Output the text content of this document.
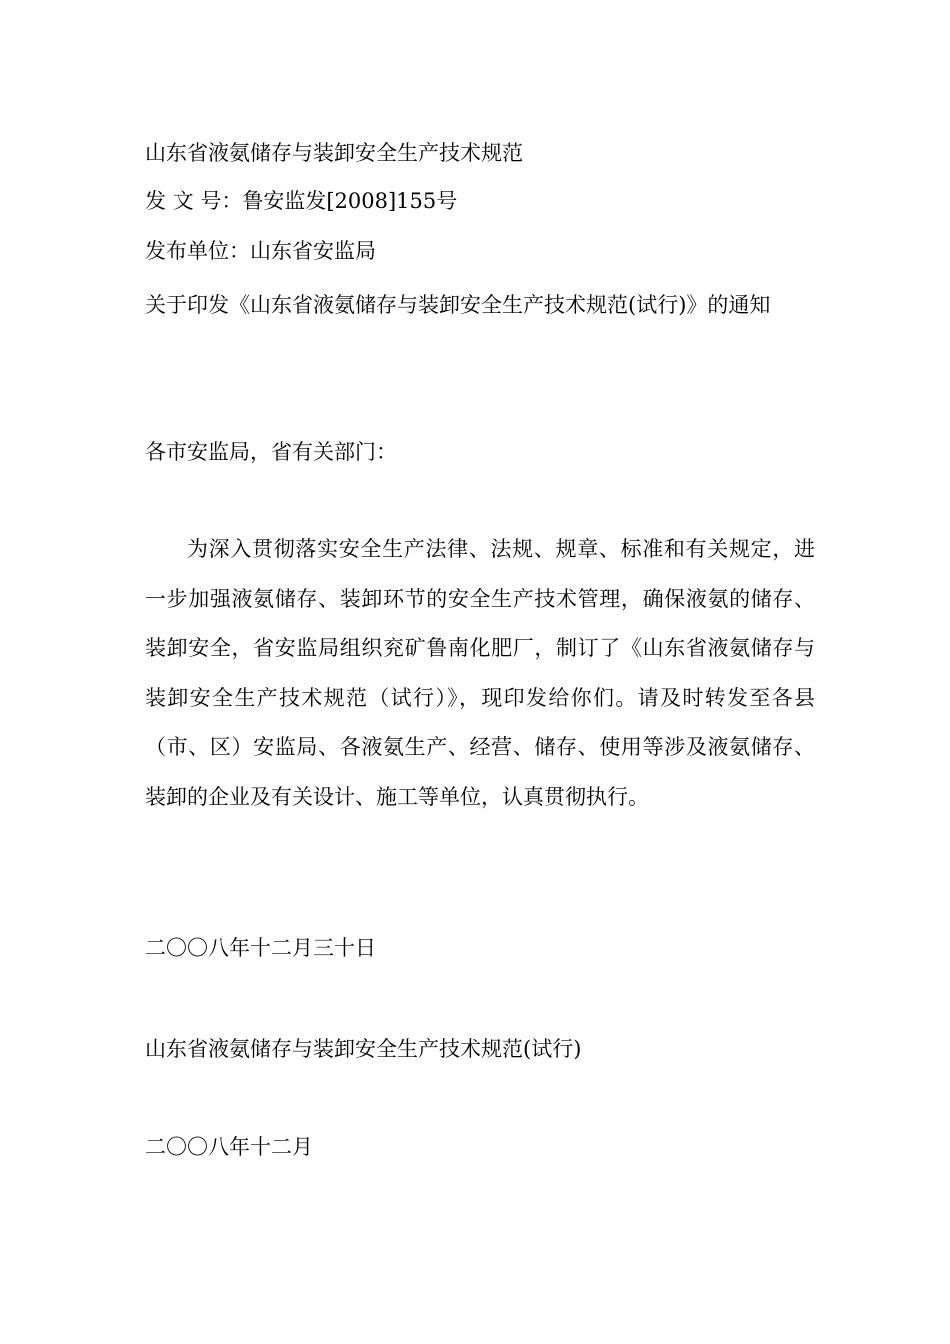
山东省液氨储存与装卸安全生产技术规范
发 文 号：鲁安监发[2008]155号
发布单位：山东省安监局
关于印发《山东省液氨储存与装卸安全生产技术规范(试行)》的通知
各市安监局，省有关部门：
为深入贯彻落实安全生产法律、法规、规章、标准和有关规定，进一步加强液氨储存、装卸环节的安全生产技术管理，确保液氨的储存、装卸安全，省安监局组织兖矿鲁南化肥厂，制订了《山东省液氨储存与装卸安全生产技术规范（试行）》，现印发给你们。请及时转发至各县（市、区）安监局、各液氨生产、经营、储存、使用等涉及液氨储存、装卸的企业及有关设计、施工等单位，认真贯彻执行。
二〇〇八年十二月三十日
山东省液氨储存与装卸安全生产技术规范(试行)
二〇〇八年十二月
